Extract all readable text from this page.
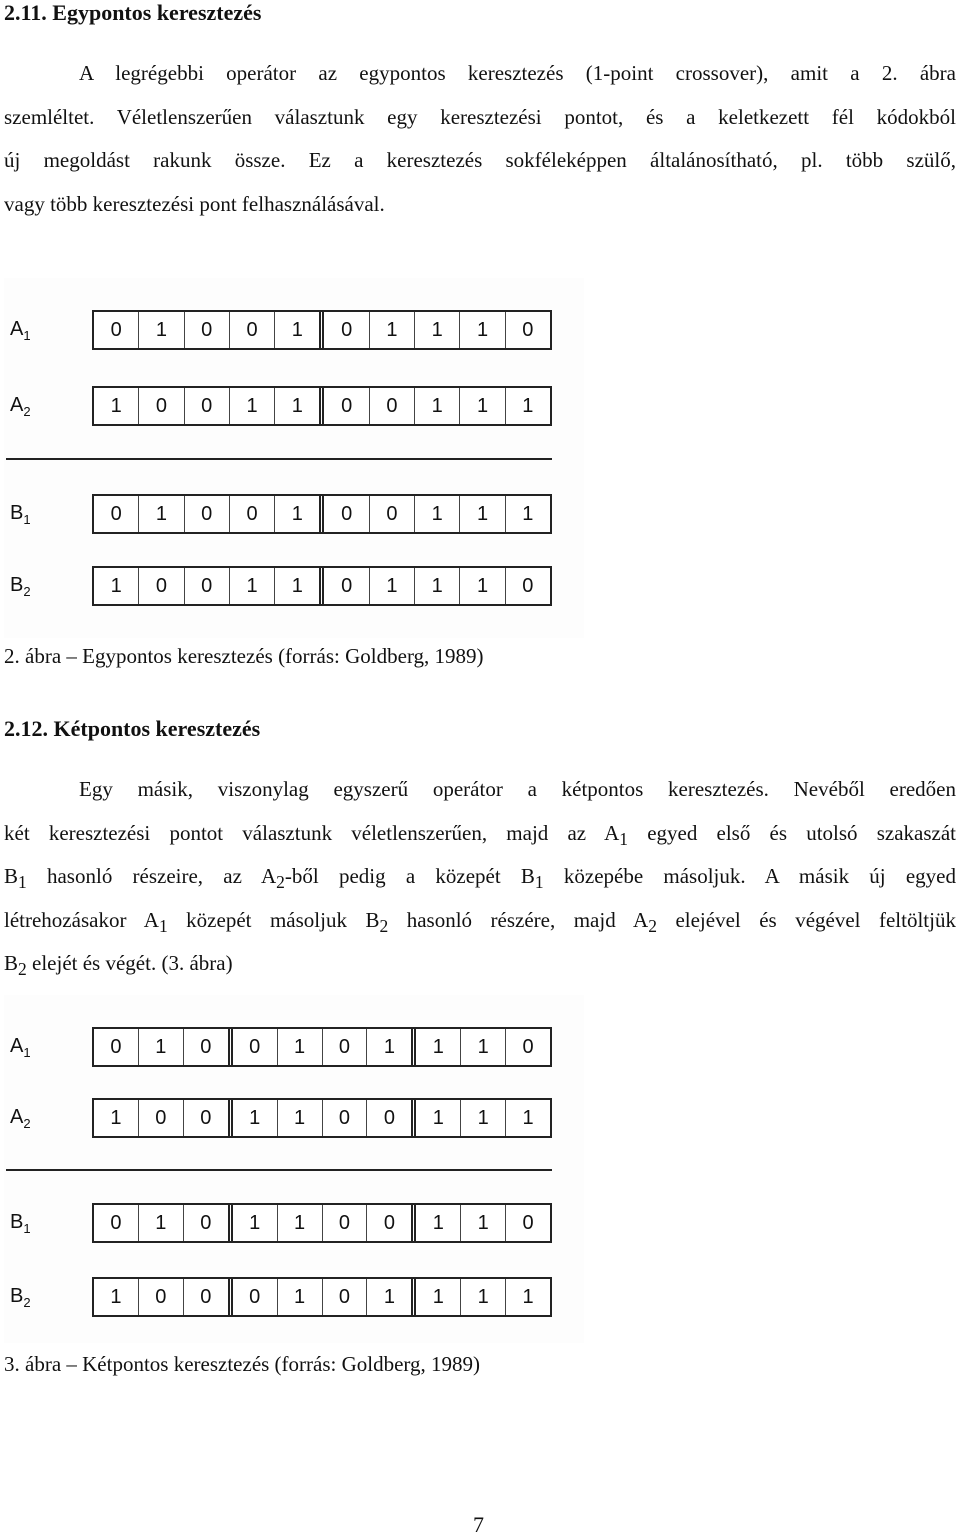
2.11. Egypontos keresztezés
A legrégebbi operátor az egypontos keresztezés (1-point crossover), amit a 2. ábra
szemléltet. Véletlenszerűen választunk egy keresztezési pontot, és a keletkezett fél kódokból
új megoldást rakunk össze. Ez a keresztezés sokféleképpen általánosítható, pl. több szülő,
vagy több keresztezési pont felhasználásával.
$A_1$	0	1	0	0	1	0	1	1	1	0
$A_2$	1	0	0	1	1	0	0	1	1	1
$B_1$	0	1	0	0	1	0	0	1	1	1
$B_2$	1	0	0	1	1	0	1	1	1	0
2. ábra – Egypontos keresztezés (forrás: Goldberg, 1989)
2.12. Kétpontos keresztezés
Egy másik, viszonylag egyszerű operátor a kétpontos keresztezés. Nevéből eredően
két keresztezési pontot választunk véletlenszerűen, majd az $A_1$ egyed első és utolsó szakaszát
$B_1$ hasonló részeire, az $A_2$-ből pedig a közepét $B_1$ közepébe másoljuk. A másik új egyed
létrehozásakor $A_1$ közepét másoljuk $B_2$ hasonló részére, majd $A_2$ elejével és végével feltöltjük
$B_2$ elejét és végét. (3. ábra)
$A_1$	0	1	0	0	1	0	1	1	1	0
$A_2$	1	0	0	1	1	0	0	1	1	1
$B_1$	0	1	0	1	1	0	0	1	1	0
$B_2$	1	0	0	0	1	0	1	1	1	1
3. ábra – Kétpontos keresztezés (forrás: Goldberg, 1989)
7
